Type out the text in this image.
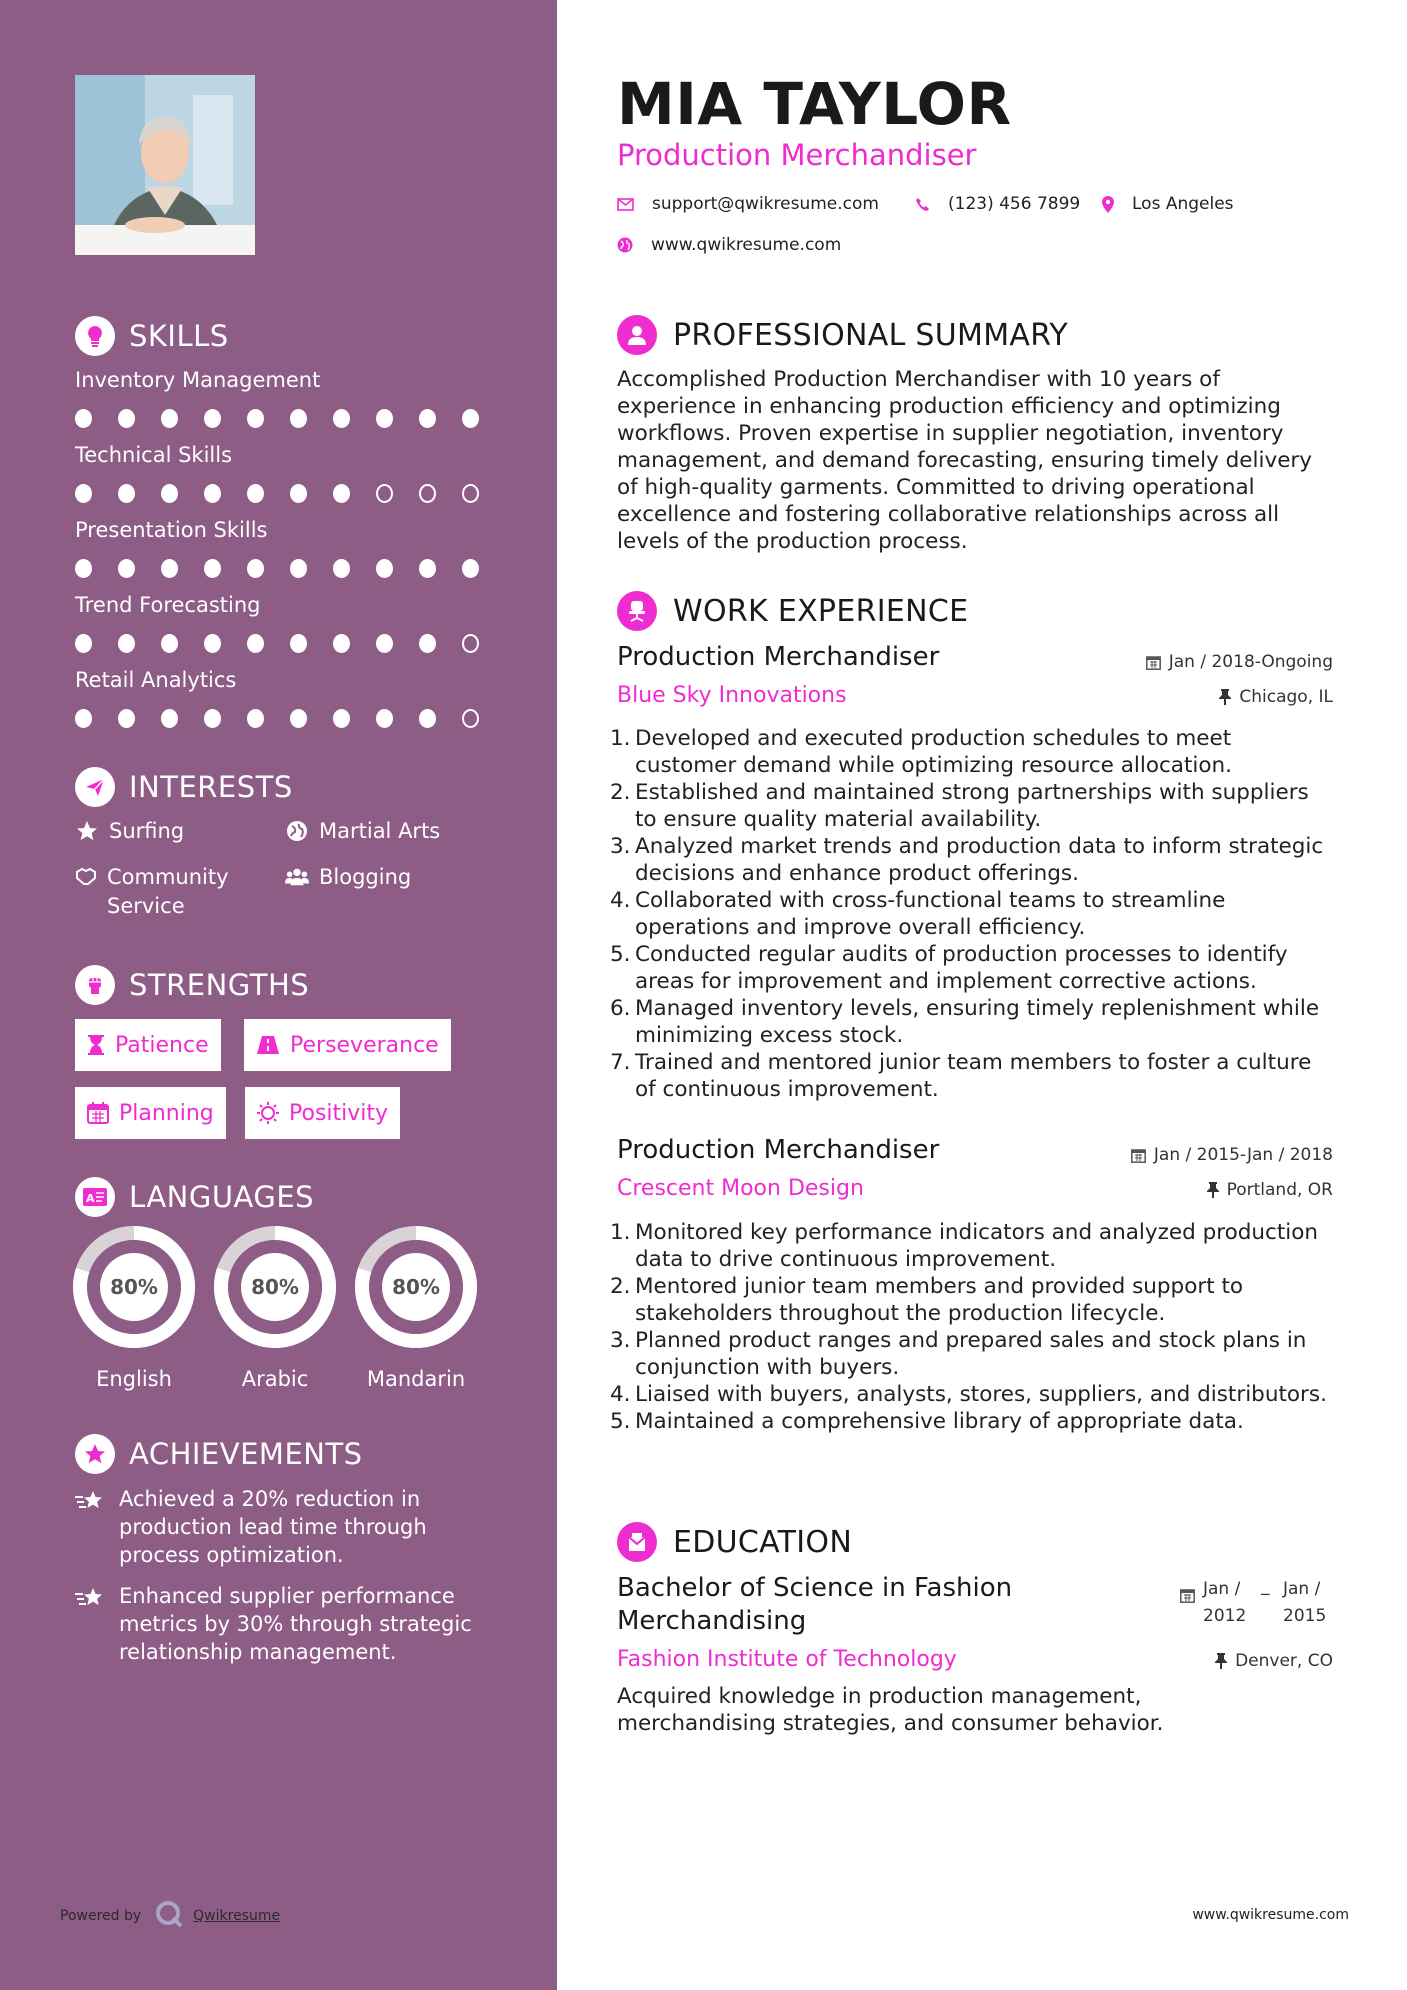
SKILLS
Inventory Management
Technical Skills
Presentation Skills
Trend Forecasting
Retail Analytics
INTERESTS
Surfing	Martial Arts
Community Service
Blogging
STRENGTHS
Patience	Perseverance
Planning	Positivity
A LANGUAGES
80%
English
80%
Arabic
80%
Mandarin
ACHIEVEMENTS
Achieved a 20% reduction in production lead time through process optimization.
Enhanced supplier performance metrics by 30% through strategic relationship management.
Powered by	Qwikresume
MIA TAYLOR
Production Merchandiser
support@qwikresume.com	(123) 456 7899	Los Angeles
www.qwikresume.com
PROFESSIONAL SUMMARY
Accomplished Production Merchandiser with 10 years of experience in enhancing production efficiency and optimizing workflows. Proven expertise in supplier negotiation, inventory management, and demand forecasting, ensuring timely delivery of high-quality garments. Committed to driving operational excellence and fostering collaborative relationships across all levels of the production process.
WORK EXPERIENCE
Production Merchandiser
Blue Sky Innovations
Jan / 2018-Ongoing
Chicago, IL
1. Developed and executed production schedules to meet customer demand while optimizing resource allocation.
2. Established and maintained strong partnerships with suppliers to ensure quality material availability.
3. Analyzed market trends and production data to inform strategic decisions and enhance product offerings.
4. Collaborated with cross-functional teams to streamline operations and improve overall efficiency.
5. Conducted regular audits of production processes to identify areas for improvement and implement corrective actions.
6. Managed inventory levels, ensuring timely replenishment while minimizing excess stock.
7. Trained and mentored junior team members to foster a culture of continuous improvement.
Production Merchandiser
Crescent Moon Design
Jan / 2015-Jan / 2018
Portland, OR
1. Monitored key performance indicators and analyzed production data to drive continuous improvement.
2. Mentored junior team members and provided support to stakeholders throughout the production lifecycle.
3. Planned product ranges and prepared sales and stock plans in conjunction with buyers.
4. Liaised with buyers, analysts, stores, suppliers, and distributors.
5. Maintained a comprehensive library of appropriate data.
EDUCATION
Bachelor of Science in Fashion Merchandising
Fashion Institute of Technology
Jan / 2012
_ Jan / 2015
Denver, CO
Acquired knowledge in production management, merchandising strategies, and consumer behavior.
www.qwikresume.com
